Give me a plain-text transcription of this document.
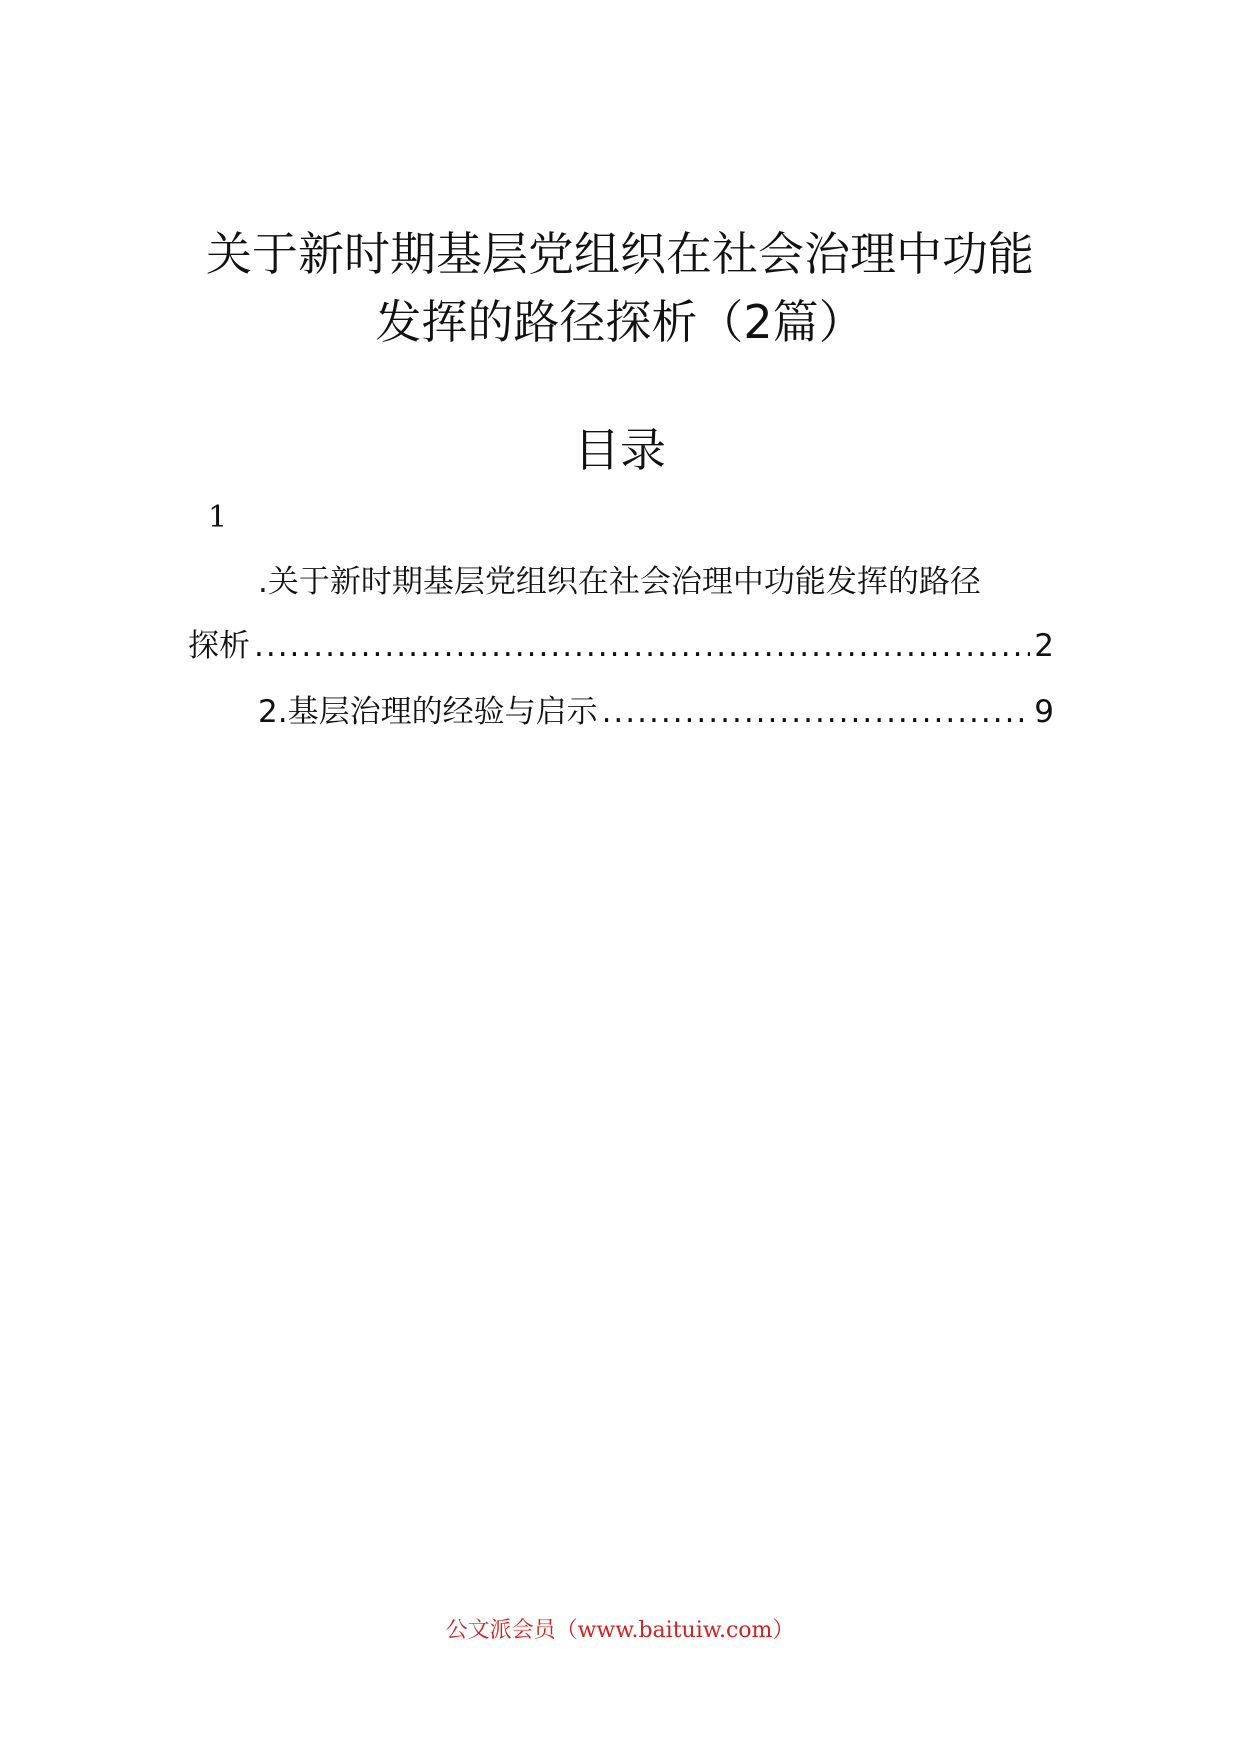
关于新时期基层党组织在社会治理中功能
发挥的路径探析（2篇）
目录
1
.关于新时期基层党组织在社会治理中功能发挥的路径
探析 .....	2
2.基层治理的经验与启示 .....	9
公文派会员（www.baituiw.com）
